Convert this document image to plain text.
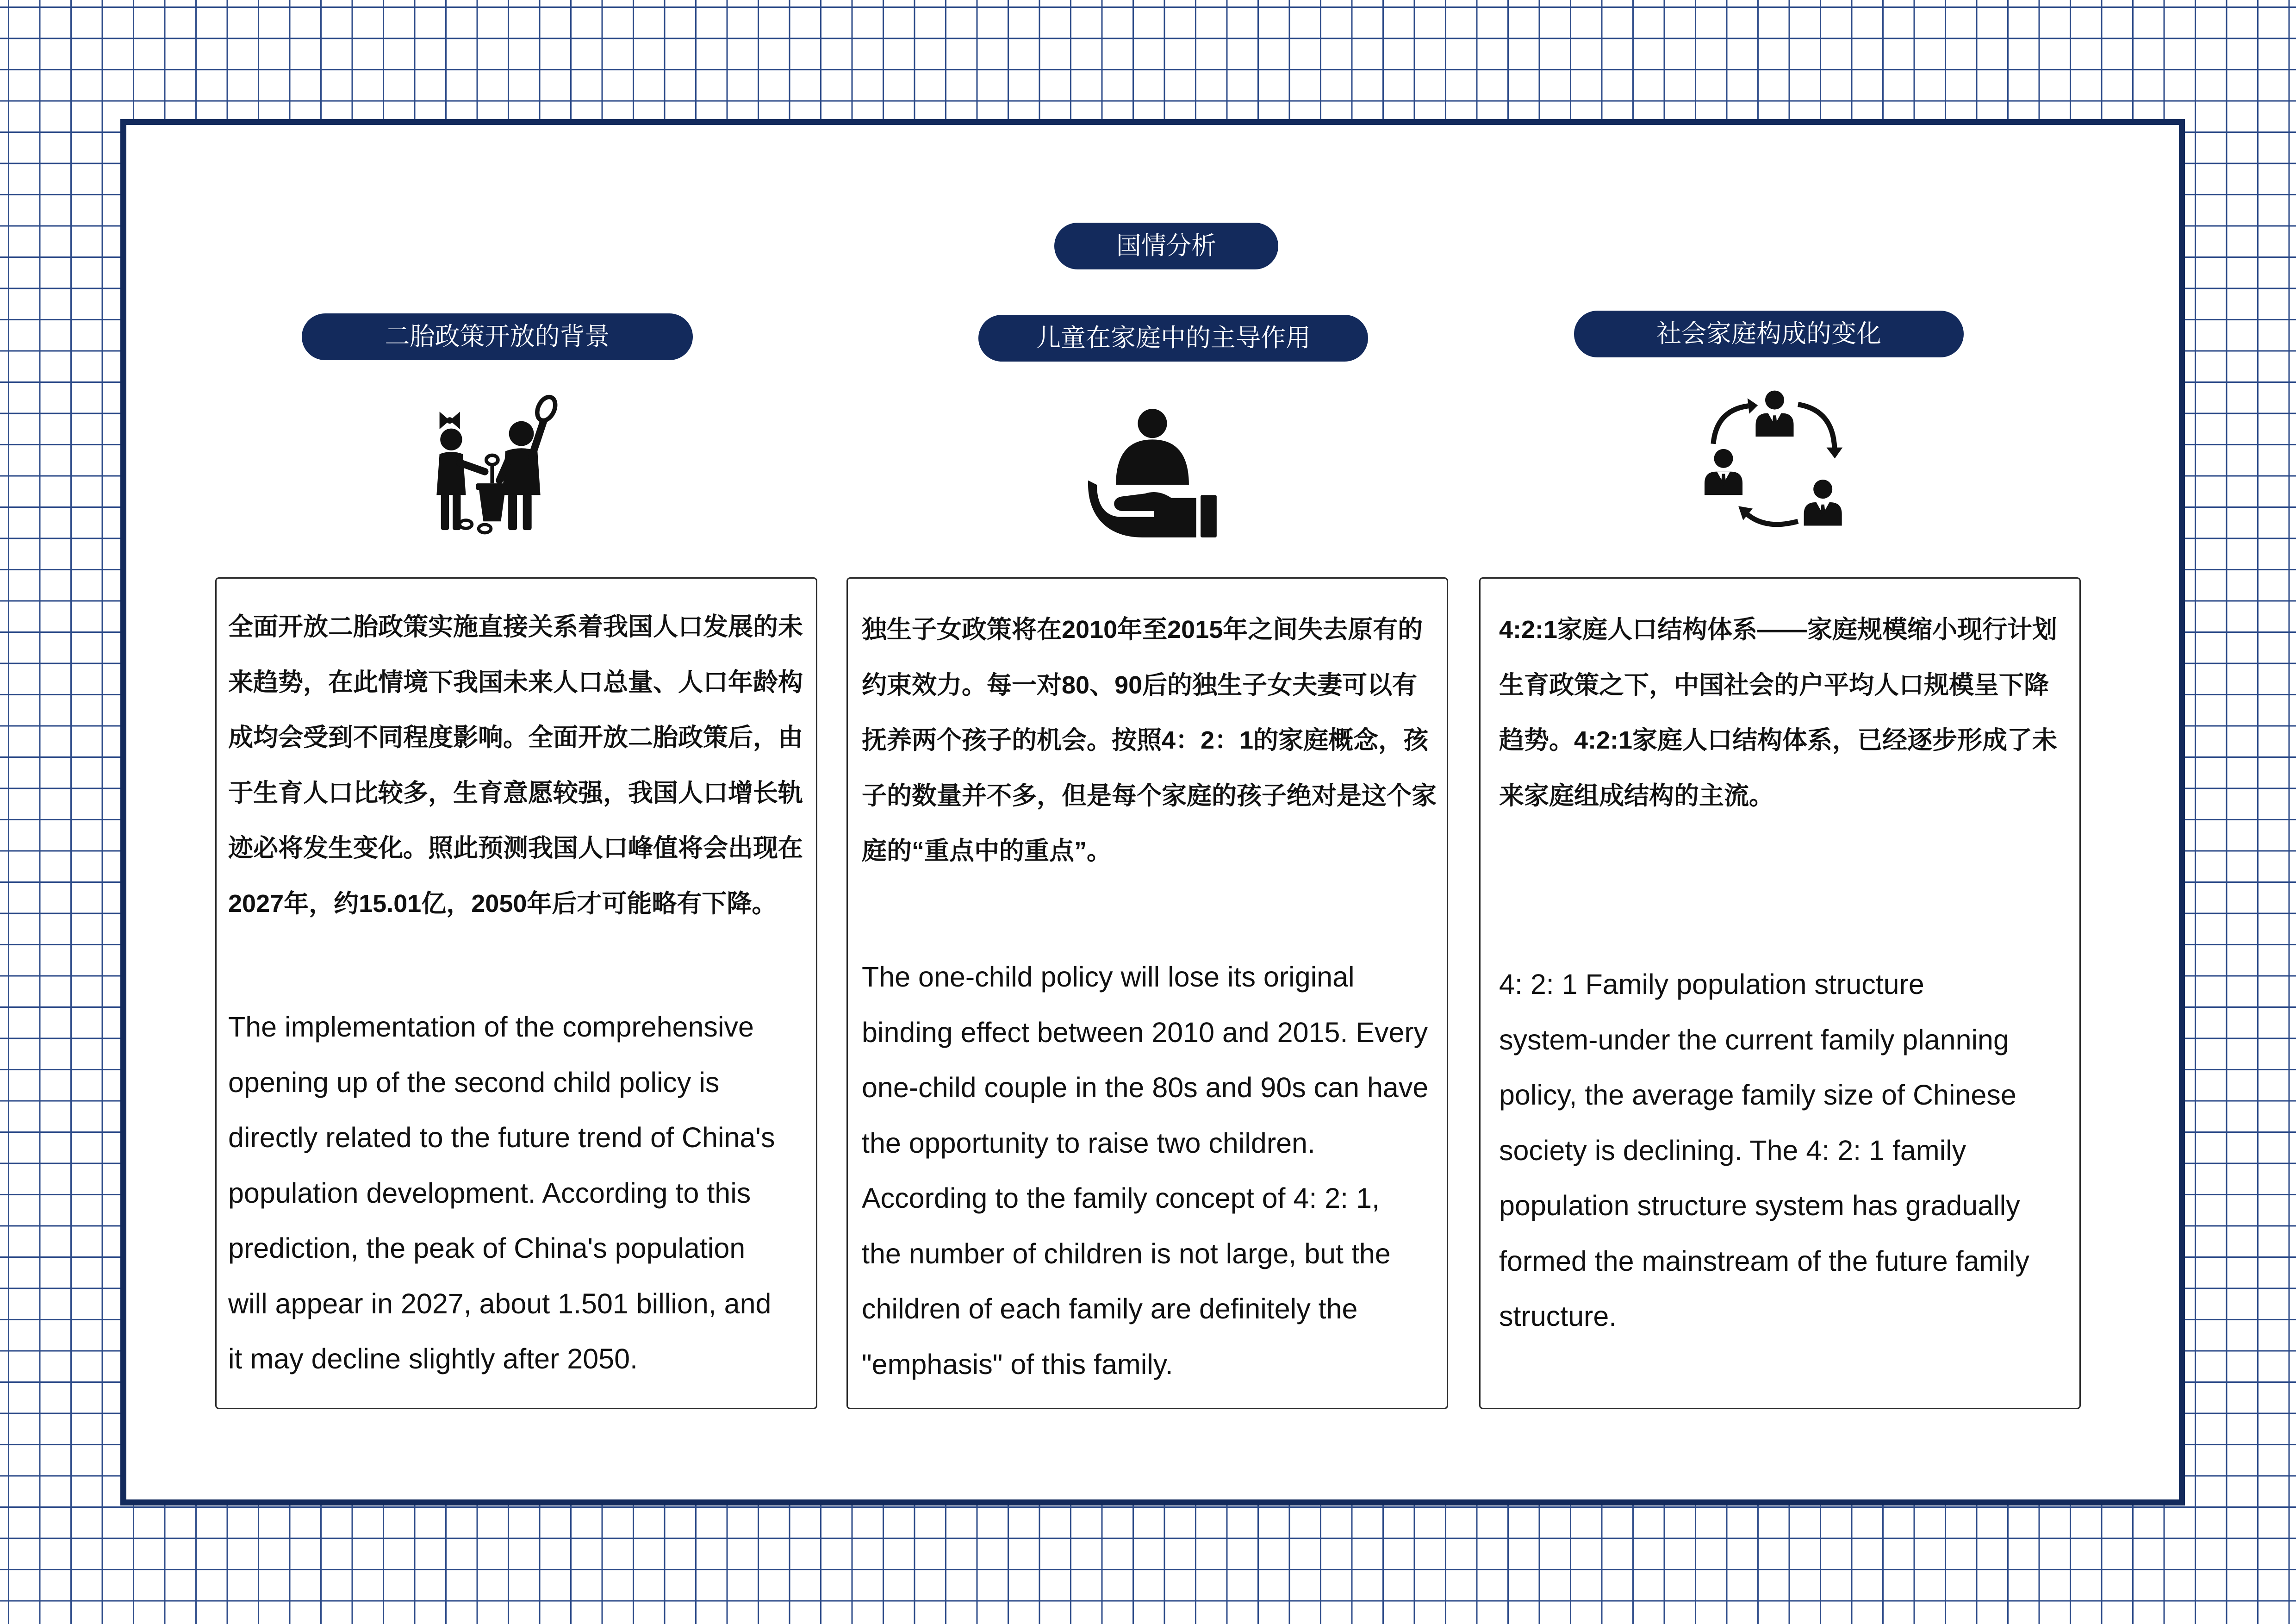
国情分析
二胎政策开放的背景	儿童在家庭中的主导作用	社会家庭构成的变化
全面开放二胎政策实施直接关系着我国人口发展的未
来趋势，在此情境下我国未来人口总量、人口年龄构
成均会受到不同程度影响。全面开放二胎政策后，由
于生育人口比较多，生育意愿较强，我国人口增长轨
迹必将发生变化。照此预测我国人口峰值将会出现在
2027年，约15.01亿，2050年后才可能略有下降。
The implementation of the comprehensive
opening up of the second child policy is
directly related to the future trend of China's
population development. According to this
prediction, the peak of China's population
will appear in 2027, about 1.501 billion, and
it may decline slightly after 2050.
独生子女政策将在2010年至2015年之间失去原有的
约束效力。每一对80、90后的独生子女夫妻可以有
抚养两个孩子的机会。按照4：2：1的家庭概念，孩
子的数量并不多，但是每个家庭的孩子绝对是这个家
庭的“重点中的重点”。
The one-child policy will lose its original
binding effect between 2010 and 2015. Every
one-child couple in the 80s and 90s can have
the opportunity to raise two children.
According to the family concept of 4: 2: 1,
the number of children is not large, but the
children of each family are definitely the
"emphasis" of this family.
4:2:1家庭人口结构体系——家庭规模缩小现行计划
生育政策之下，中国社会的户平均人口规模呈下降
趋势。4:2:1家庭人口结构体系，已经逐步形成了未
来家庭组成结构的主流。
4: 2: 1 Family population structure
system-under the current family planning
policy, the average family size of Chinese
society is declining. The 4: 2: 1 family
population structure system has gradually
formed the mainstream of the future family
structure.
